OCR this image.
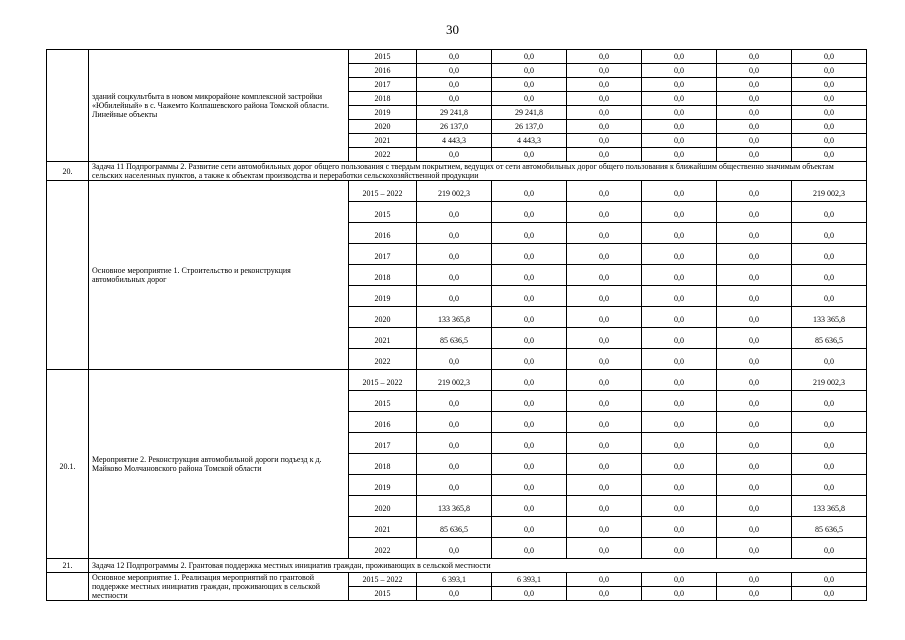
30
	зданий соцкультбыта в новом микрорайоне комплексной застройки «Юбилейный» в с. Чажемто Колпашевского района Томской области. Линейные объекты	2015	0,0	0,0	0,0	0,0	0,0	0,0
		2016	0,0	0,0	0,0	0,0	0,0	0,0
		2017	0,0	0,0	0,0	0,0	0,0	0,0
		2018	0,0	0,0	0,0	0,0	0,0	0,0
		2019	29 241,8	29 241,8	0,0	0,0	0,0	0,0
		2020	26 137,0	26 137,0	0,0	0,0	0,0	0,0
		2021	4 443,3	4 443,3	0,0	0,0	0,0	0,0
		2022	0,0	0,0	0,0	0,0	0,0	0,0
20.	Задача 11 Подпрограммы 2. Развитие сети автомобильных дорог общего пользования с твердым покрытием, ведущих от сети автомобильных дорог общего пользования к ближайшим общественно значимым объектам сельских населенных пунктов, а также к объектам производства и переработки сельскохозяйственной продукции							
	Основное мероприятие 1. Строительство и реконструкция автомобильных дорог	2015 – 2022	219 002,3	0,0	0,0	0,0	0,0	219 002,3
		2015	0,0	0,0	0,0	0,0	0,0	0,0
		2016	0,0	0,0	0,0	0,0	0,0	0,0
		2017	0,0	0,0	0,0	0,0	0,0	0,0
		2018	0,0	0,0	0,0	0,0	0,0	0,0
		2019	0,0	0,0	0,0	0,0	0,0	0,0
		2020	133 365,8	0,0	0,0	0,0	0,0	133 365,8
		2021	85 636,5	0,0	0,0	0,0	0,0	85 636,5
		2022	0,0	0,0	0,0	0,0	0,0	0,0
20.1.	Мероприятие 2. Реконструкция автомобильной дороги подъезд к д. Майково Молчановского района Томской области	2015 – 2022	219 002,3	0,0	0,0	0,0	0,0	219 002,3
		2015	0,0	0,0	0,0	0,0	0,0	0,0
		2016	0,0	0,0	0,0	0,0	0,0	0,0
		2017	0,0	0,0	0,0	0,0	0,0	0,0
		2018	0,0	0,0	0,0	0,0	0,0	0,0
		2019	0,0	0,0	0,0	0,0	0,0	0,0
		2020	133 365,8	0,0	0,0	0,0	0,0	133 365,8
		2021	85 636,5	0,0	0,0	0,0	0,0	85 636,5
		2022	0,0	0,0	0,0	0,0	0,0	0,0
21.	Задача 12 Подпрограммы 2. Грантовая поддержка местных инициатив граждан, проживающих в сельской местности							
	Основное мероприятие 1. Реализация мероприятий по грантовой поддержке местных инициатив граждан, проживающих в сельской местности	2015 – 2022	6 393,1	6 393,1	0,0	0,0	0,0	0,0
		2015	0,0	0,0	0,0	0,0	0,0	0,0
